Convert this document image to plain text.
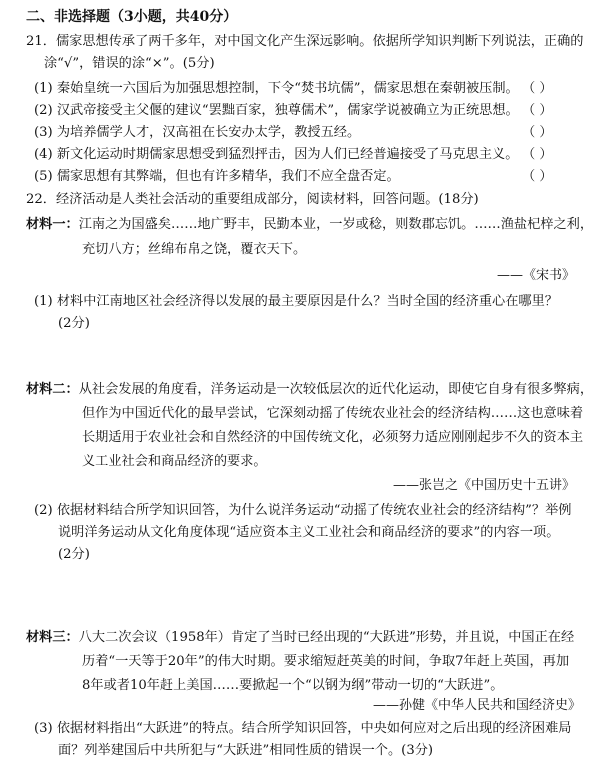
二、非选择题（3小题，共40分）
21．儒家思想传承了两千多年，对中国文化产生深远影响。依据所学知识判断下列说法，正确的
涂“√”，错误的涂“×”。(5分)
(1) 秦始皇统一六国后为加强思想控制，下令“焚书坑儒”，儒家思想在秦朝被压制。 （ ）
(2) 汉武帝接受主父偃的建议“罢黜百家，独尊儒术”，儒家学说被确立为正统思想。 （ ）
(3) 为培养儒学人才，汉高祖在长安办太学，教授五经。	（ ）
(4) 新文化运动时期儒家思想受到猛烈抨击，因为人们已经普遍接受了马克思主义。 （ ）
(5) 儒家思想有其弊端，但也有许多精华，我们不应全盘否定。	（ ）
22．经济活动是人类社会活动的重要组成部分，阅读材料，回答问题。(18分)
材料一：江南之为国盛矣……地广野丰，民勤本业，一岁或稔，则数郡忘饥。……渔盐杞梓之利，
充切八方；丝绵布帛之饶，覆衣天下。
——《宋书》
(1) 材料中江南地区社会经济得以发展的最主要原因是什么？当时全国的经济重心在哪里？
(2分)
材料二：从社会发展的角度看，洋务运动是一次较低层次的近代化运动，即使它自身有很多弊病，
但作为中国近代化的最早尝试，它深刻动摇了传统农业社会的经济结构……这也意味着
长期适用于农业社会和自然经济的中国传统文化，必须努力适应刚刚起步不久的资本主
义工业社会和商品经济的要求。
——张岂之《中国历史十五讲》
(2) 依据材料结合所学知识回答，为什么说洋务运动“动摇了传统农业社会的经济结构”？举例
说明洋务运动从文化角度体现“适应资本主义工业社会和商品经济的要求”的内容一项。
(2分)
材料三：八大二次会议（1958年）肯定了当时已经出现的“大跃进”形势，并且说，中国正在经
历着“一天等于20年”的伟大时期。要求缩短赶英美的时间，争取7年赶上英国，再加
8年或者10年赶上美国……要掀起一个“以钢为纲”带动一切的“大跃进”。
——孙健《中华人民共和国经济史》
(3) 依据材料指出“大跃进”的特点。结合所学知识回答，中央如何应对之后出现的经济困难局
面？列举建国后中共所犯与“大跃进”相同性质的错误一个。(3分)
